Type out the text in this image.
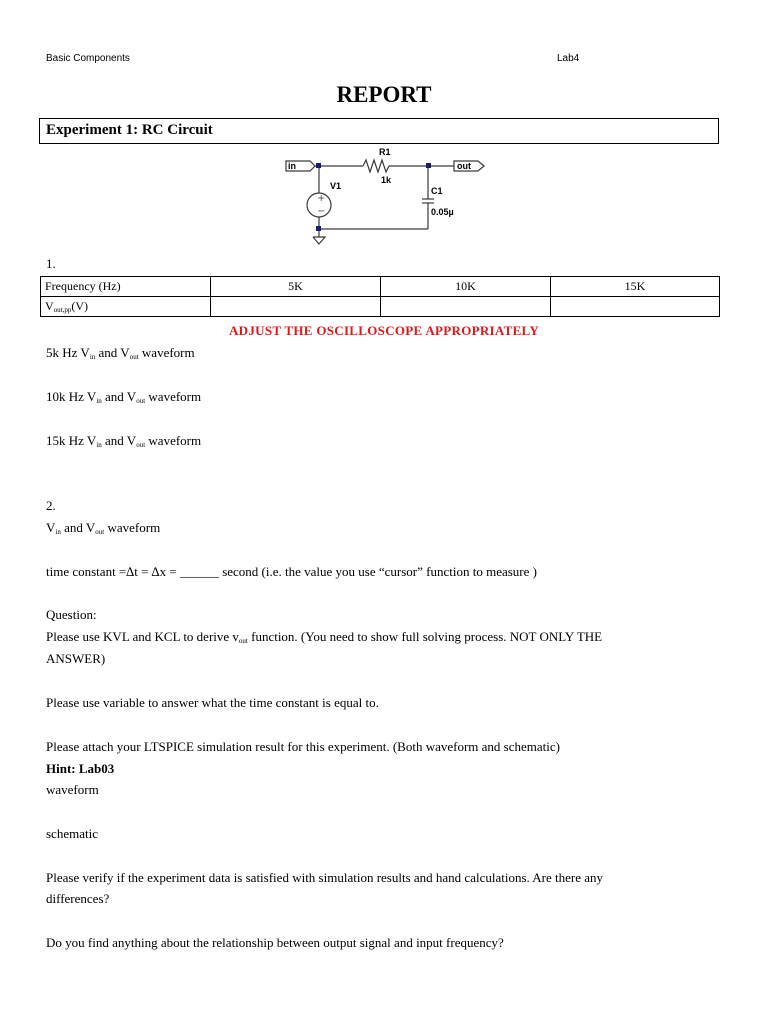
Basic Components	Lab4
REPORT
Experiment 1: RC Circuit
+
−
in	out
V1
R1
1k
C1
0.05µ
1.
Frequency (Hz)	5K	10K	15K
$V_{out,pp}(V)$			
ADJUST THE OSCILLOSCOPE APPROPRIATELY
5k Hz $V_{in}$ and $V_{out}$ waveform
10k Hz $V_{in}$ and $V_{out}$ waveform
15k Hz $V_{in}$ and $V_{out}$ waveform
2.
$V_{in}$ and $V_{out}$ waveform
time constant =∆t = ∆x = ______ second (i.e. the value you use “cursor” function to measure )
Question:
Please use KVL and KCL to derive $v_{out}$ function. (You need to show full solving process. NOT ONLY THE
ANSWER)
Please use variable to answer what the time constant is equal to.
Please attach your LTSPICE simulation result for this experiment. (Both waveform and schematic)
Hint: Lab03
waveform
schematic
Please verify if the experiment data is satisfied with simulation results and hand calculations. Are there any
differences?
Do you find anything about the relationship between output signal and input frequency?
